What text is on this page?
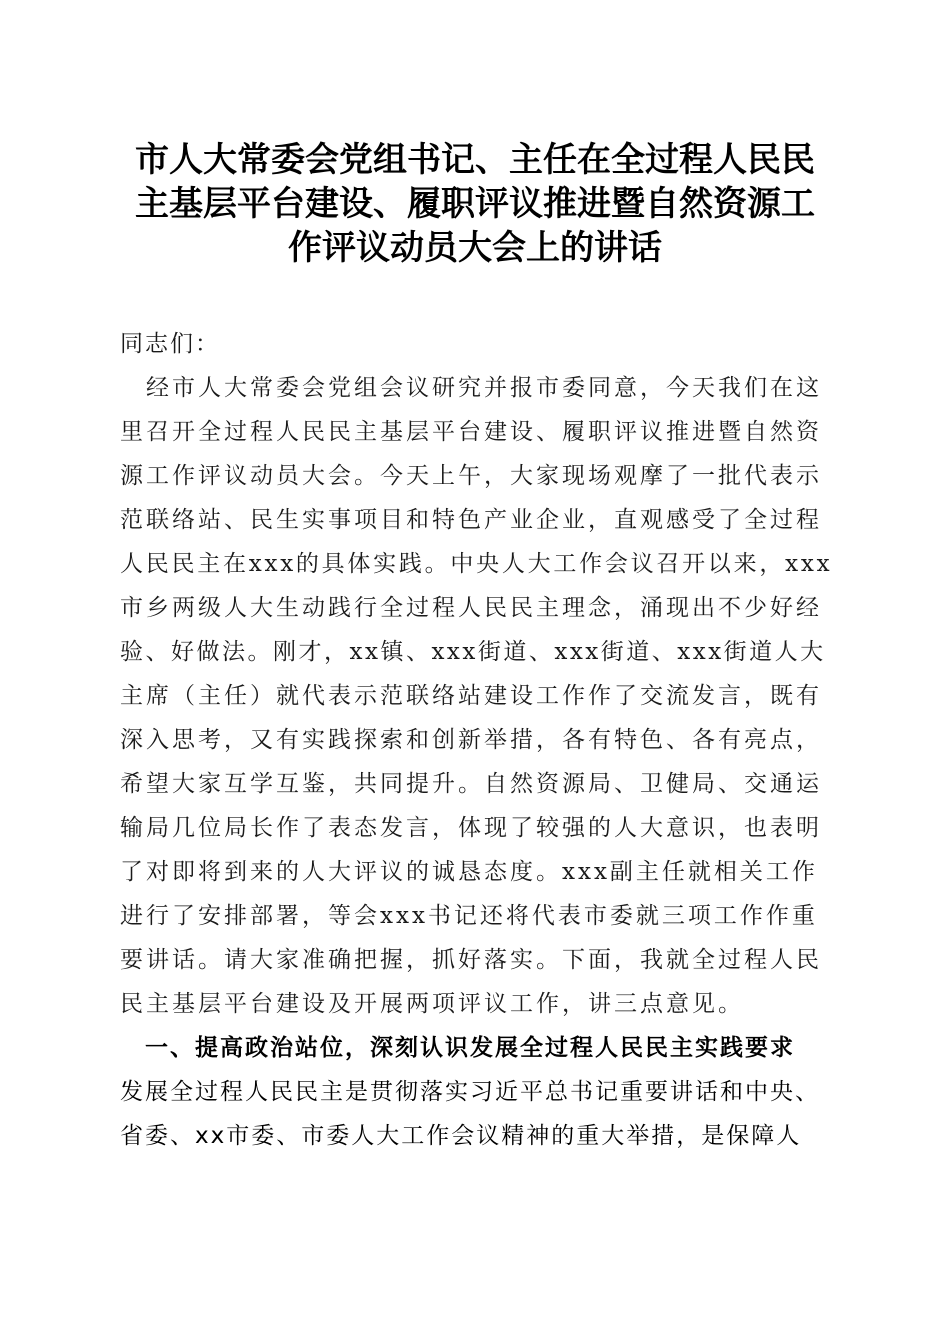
市人大常委会党组书记、主任在全过程人民民
主基层平台建设、履职评议推进暨自然资源工
作评议动员大会上的讲话
同志们：
　经市人大常委会党组会议研究并报市委同意，今天我们在这
里召开全过程人民民主基层平台建设、履职评议推进暨自然资
源工作评议动员大会。今天上午，大家现场观摩了一批代表示
范联络站、民生实事项目和特色产业企业，直观感受了全过程
人民民主在xxx的具体实践。中央人大工作会议召开以来，xxx
市乡两级人大生动践行全过程人民民主理念，涌现出不少好经
验、好做法。刚才，xx镇、xxx街道、xxx街道、xxx街道人大
主席（主任）就代表示范联络站建设工作作了交流发言，既有
深入思考，又有实践探索和创新举措，各有特色、各有亮点，
希望大家互学互鉴，共同提升。自然资源局、卫健局、交通运
输局几位局长作了表态发言，体现了较强的人大意识，也表明
了对即将到来的人大评议的诚恳态度。xxx副主任就相关工作
进行了安排部署，等会xxx书记还将代表市委就三项工作作重
要讲话。请大家准确把握，抓好落实。下面，我就全过程人民
民主基层平台建设及开展两项评议工作，讲三点意见。
　一、提高政治站位，深刻认识发展全过程人民民主实践要求
发展全过程人民民主是贯彻落实习近平总书记重要讲话和中央、
省委、xx市委、市委人大工作会议精神的重大举措，是保障人
